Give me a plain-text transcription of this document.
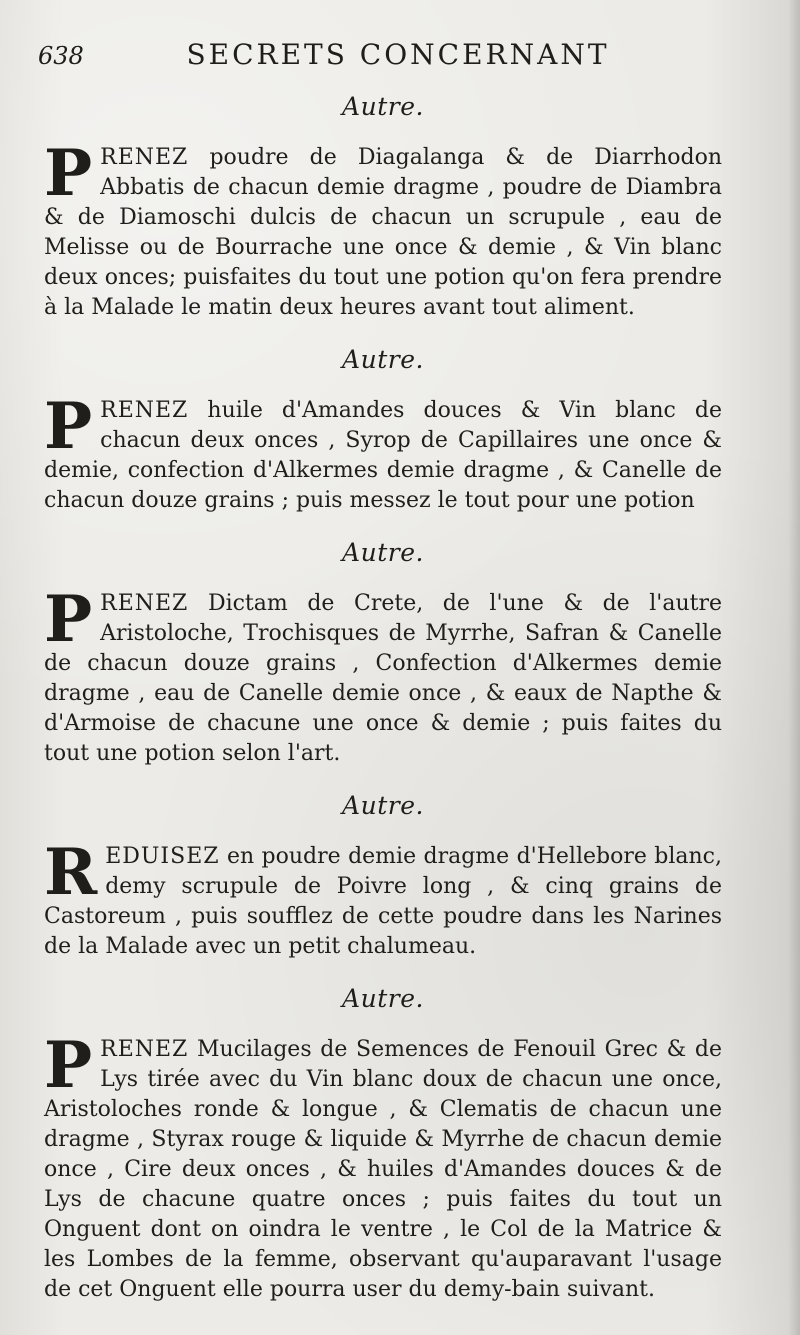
638	SECRETS CONCERNANT
Autre.

P RENEZ poudre de Diagalanga & de Diarrhodon Abbatis de chacun demie dragme , poudre de Diambra & de Diamoschi dulcis de chacun un scrupule , eau de Melisse ou de Bourrache une once & demie , & Vin blanc deux onces; puisfaites du tout une potion qu'on fera prendre à la Malade le matin deux heures avant tout aliment.

Autre.

P RENEZ huile d'Amandes douces & Vin blanc de chacun deux onces , Syrop de Capillaires une once & demie, confection d'Alkermes demie dragme , & Canelle de chacun douze grains ; puis messez le tout pour une potion

Autre.

P RENEZ Dictam de Crete, de l'une & de l'autre Aristoloche, Trochisques de Myrrhe, Safran & Canelle de chacun douze grains , Confection d'Alkermes demie dragme , eau de Canelle demie once , & eaux de Napthe & d'Armoise de chacune une once & demie ; puis faites du tout une potion selon l'art.

Autre.

R EDUISEZ en poudre demie dragme d'Hellebore blanc, demy scrupule de Poivre long , & cinq grains de Castoreum , puis soufflez de cette poudre dans les Narines de la Malade avec un petit chalumeau.

Autre.

P RENEZ Mucilages de Semences de Fenouil Grec & de Lys tirée avec du Vin blanc doux de chacun une once, Aristoloches ronde & longue , & Clematis de chacun une dragme , Styrax rouge & liquide & Myrrhe de chacun demie once , Cire deux onces , & huiles d'Amandes douces & de Lys de chacune quatre onces ; puis faites du tout un Onguent dont on oindra le ventre , le Col de la Matrice & les Lombes de la femme, observant qu'auparavant l'usage de cet Onguent elle pourra user du demy-bain suivant.
